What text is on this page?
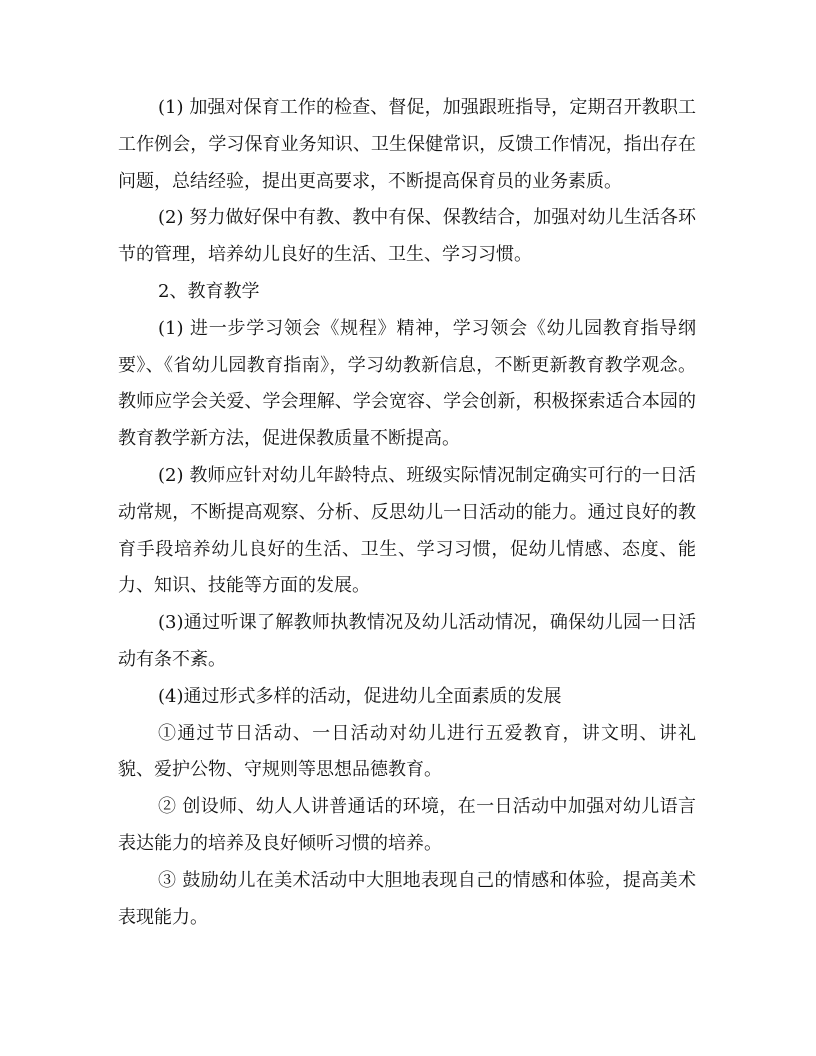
(1) 加强对保育工作的检查、督促，加强跟班指导，定期召开教职工工作例会，学习保育业务知识、卫生保健常识，反馈工作情况，指出存在问题，总结经验，提出更高要求，不断提高保育员的业务素质。

(2) 努力做好保中有教、教中有保、保教结合，加强对幼儿生活各环节的管理，培养幼儿良好的生活、卫生、学习习惯。

2、教育教学

(1) 进一步学习领会《规程》精神，学习领会《幼儿园教育指导纲要》、《省幼儿园教育指南》，学习幼教新信息，不断更新教育教学观念。教师应学会关爱、学会理解、学会宽容、学会创新，积极探索适合本园的教育教学新方法，促进保教质量不断提高。

(2) 教师应针对幼儿年龄特点、班级实际情况制定确实可行的一日活动常规，不断提高观察、分析、反思幼儿一日活动的能力。通过良好的教育手段培养幼儿良好的生活、卫生、学习习惯，促幼儿情感、态度、能力、知识、技能等方面的发展。

(3)通过听课了解教师执教情况及幼儿活动情况，确保幼儿园一日活动有条不紊。

(4)通过形式多样的活动，促进幼儿全面素质的发展

①通过节日活动、一日活动对幼儿进行五爱教育，讲文明、讲礼貌、爱护公物、守规则等思想品德教育。

② 创设师、幼人人讲普通话的环境，在一日活动中加强对幼儿语言表达能力的培养及良好倾听习惯的培养。

③ 鼓励幼儿在美术活动中大胆地表现自己的情感和体验，提高美术表现能力。
